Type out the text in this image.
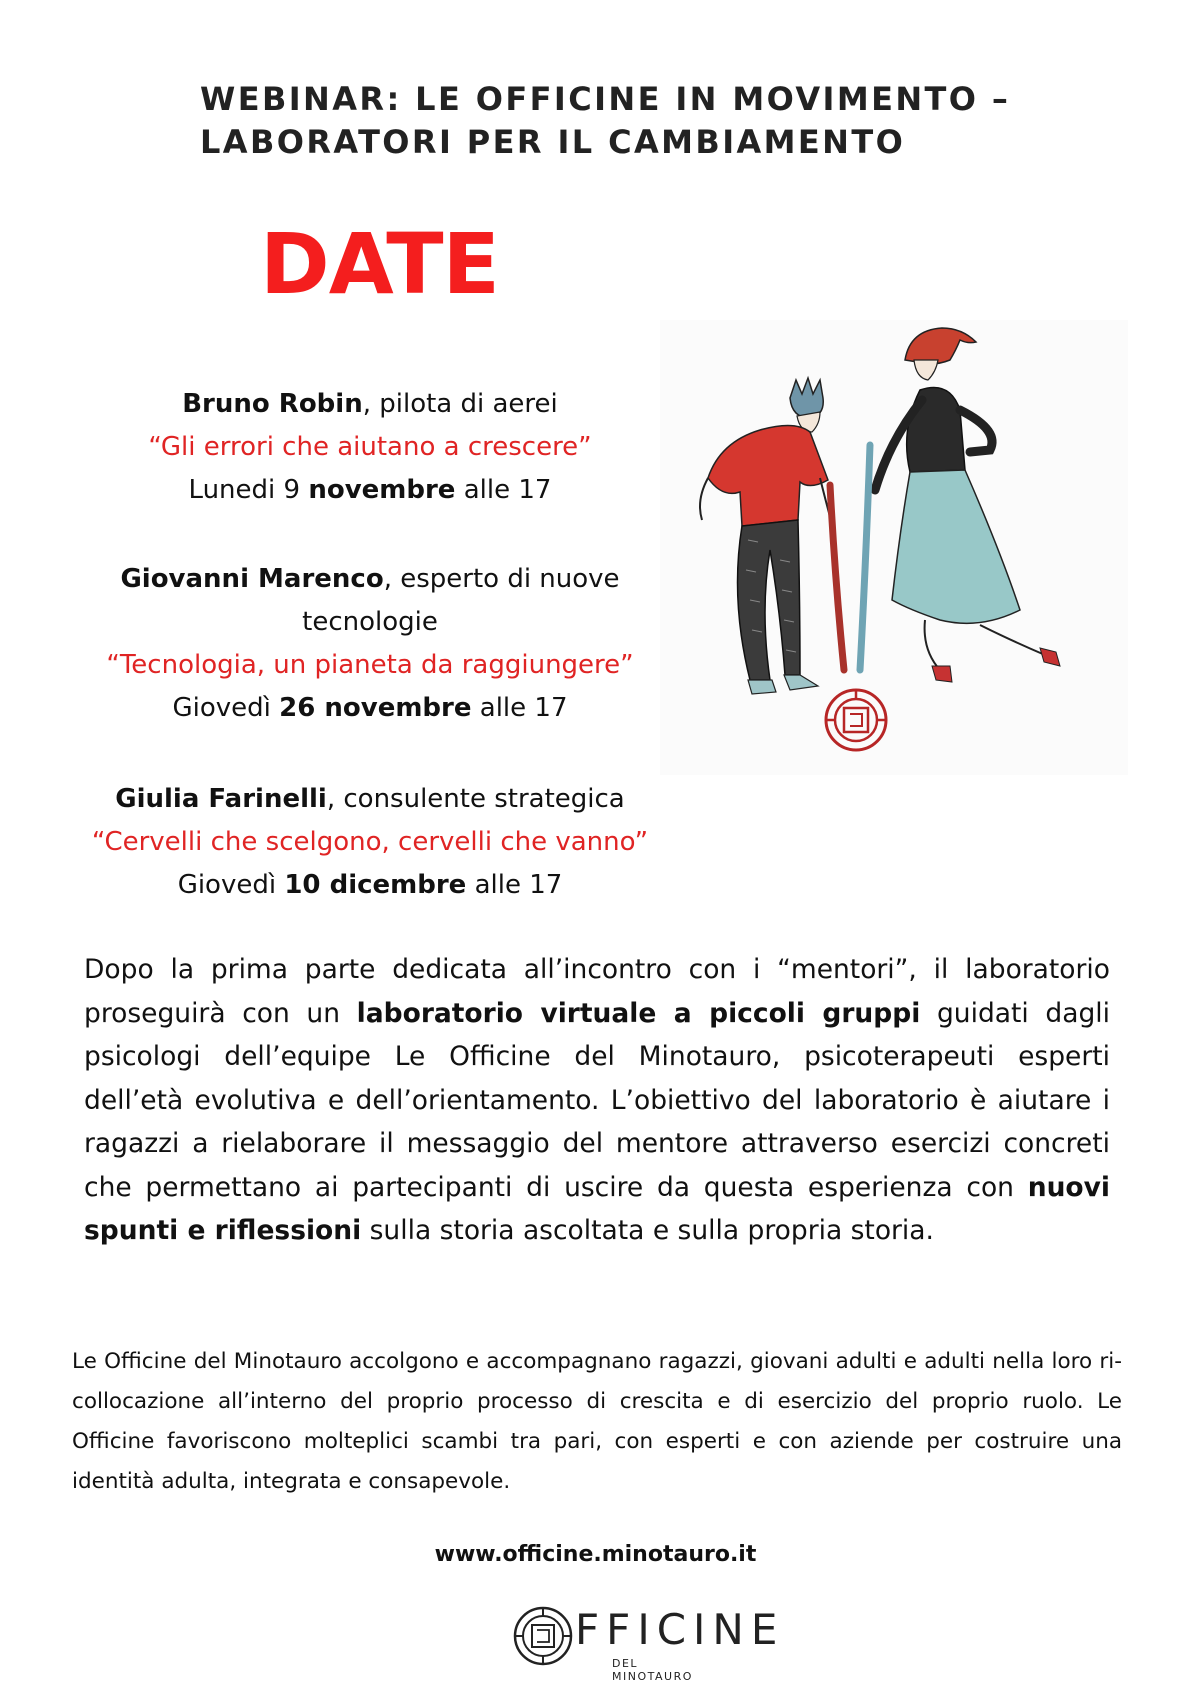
WEBINAR: LE OFFICINE IN MOVIMENTO –
LABORATORI PER IL CAMBIAMENTO
DATE
Bruno Robin, pilota di aerei
“Gli errori che aiutano a crescere”
Lunedi 9 novembre alle 17
Giovanni Marenco, esperto di nuove
tecnologie
“Tecnologia, un pianeta da raggiungere”
Giovedì 26 novembre alle 17
Giulia Farinelli, consulente strategica
“Cervelli che scelgono, cervelli che vanno”
Giovedì 10 dicembre alle 17

Dopo la prima parte dedicata all’incontro con i “mentori”, il laboratorio proseguirà con un laboratorio virtuale a piccoli gruppi guidati dagli psicologi dell’equipe Le Officine del Minotauro, psicoterapeuti esperti dell’età evolutiva e dell’orientamento. L’obiettivo del laboratorio è aiutare i ragazzi a rielaborare il messaggio del mentore attraverso esercizi concreti che permettano ai partecipanti di uscire da questa esperienza con nuovi spunti e riflessioni sulla storia ascoltata e sulla propria storia.

Le Officine del Minotauro accolgono e accompagnano ragazzi, giovani adulti e adulti nella loro ri-collocazione all’interno del proprio processo di crescita e di esercizio del proprio ruolo. Le Officine favoriscono molteplici scambi tra pari, con esperti e con aziende per costruire una identità adulta, integrata e consapevole.

www.officine.minotauro.it
FFICINE
DEL MINOTAURO
